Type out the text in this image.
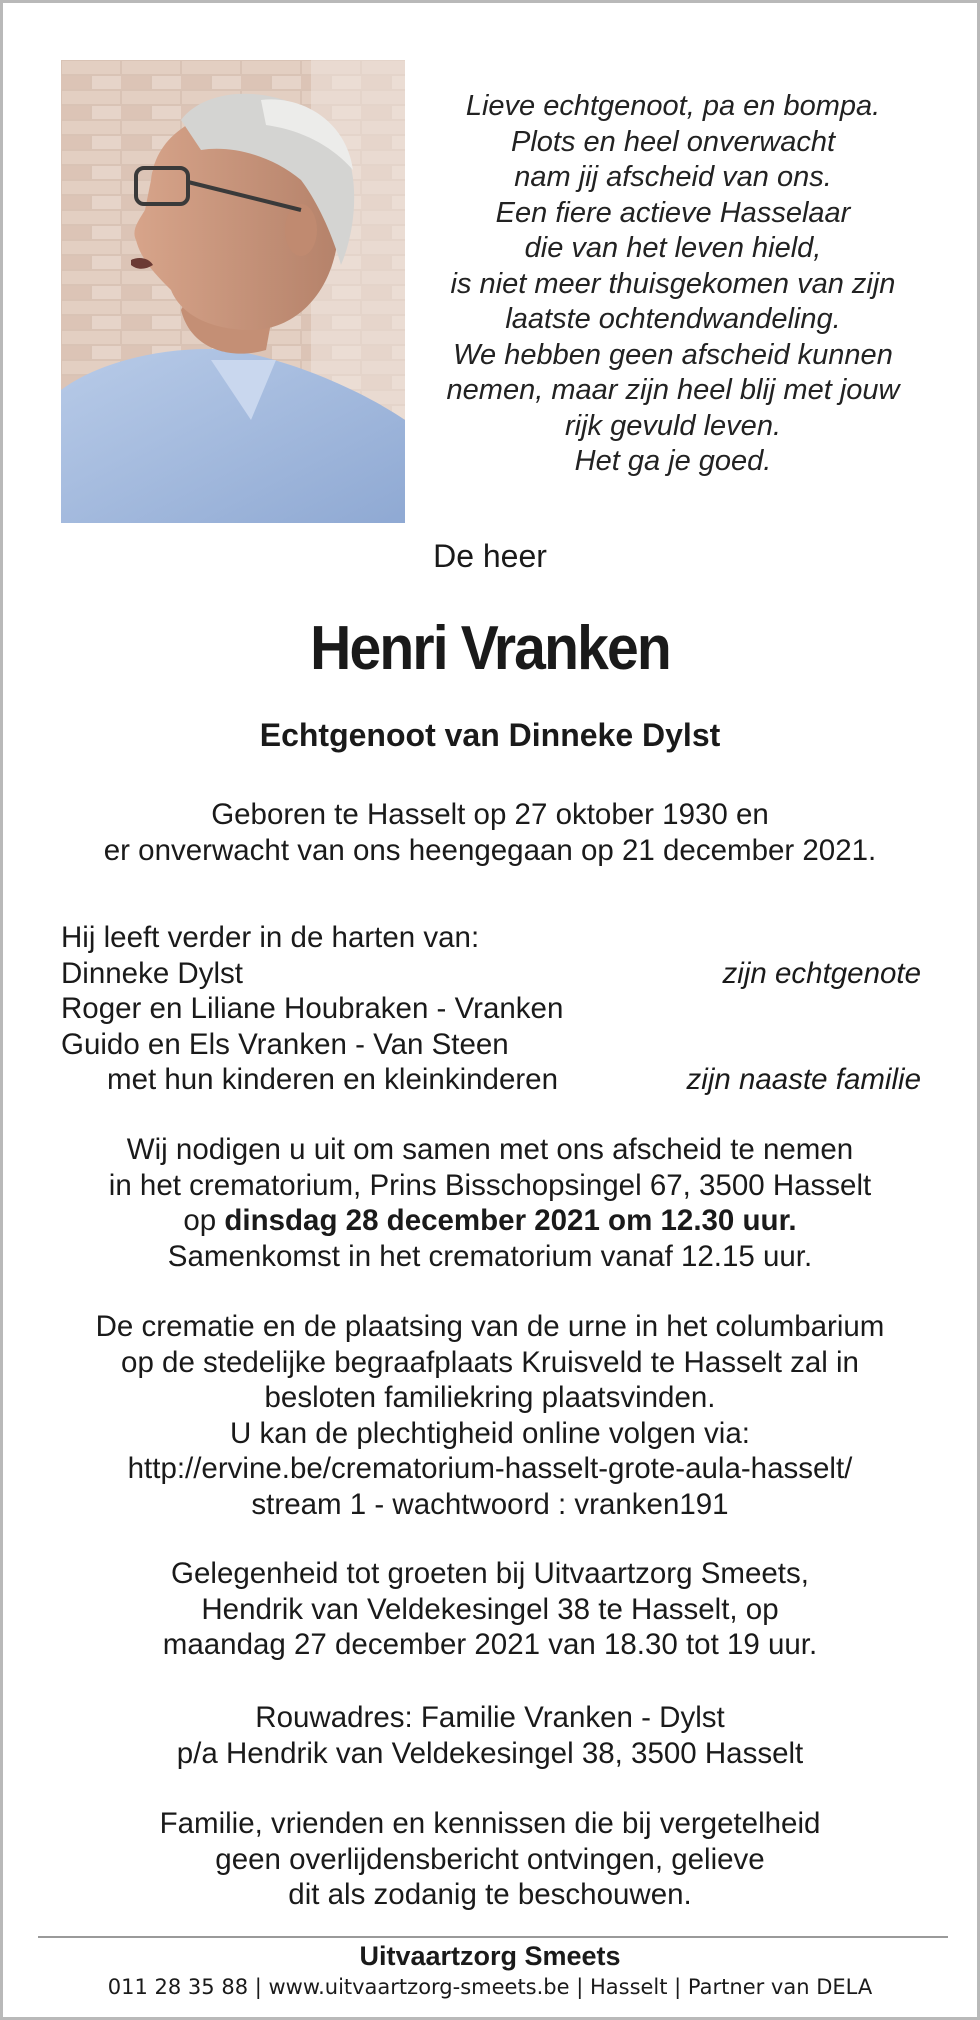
Lieve echtgenoot, pa en bompa.
Plots en heel onverwacht
nam jij afscheid van ons.
Een fiere actieve Hasselaar
die van het leven hield,
is niet meer thuisgekomen van zijn
laatste ochtendwandeling.
We hebben geen afscheid kunnen
nemen, maar zijn heel blij met jouw
rijk gevuld leven.
Het ga je goed.
De heer
Henri Vranken
Echtgenoot van Dinneke Dylst
Geboren te Hasselt op 27 oktober 1930 en
er onverwacht van ons heengegaan op 21 december 2021.
Hij leeft verder in de harten van:
Dinneke Dylst	zijn echtgenote
Roger en Liliane Houbraken - Vranken
Guido en Els Vranken - Van Steen
met hun kinderen en kleinkinderen	zijn naaste familie
Wij nodigen u uit om samen met ons afscheid te nemen
in het crematorium, Prins Bisschopsingel 67, 3500 Hasselt
op dinsdag 28 december 2021 om 12.30 uur.
Samenkomst in het crematorium vanaf 12.15 uur.
De crematie en de plaatsing van de urne in het columbarium
op de stedelijke begraafplaats Kruisveld te Hasselt zal in
besloten familiekring plaatsvinden.
U kan de plechtigheid online volgen via:
http://ervine.be/crematorium-hasselt-grote-aula-hasselt/
stream 1 - wachtwoord : vranken191
Gelegenheid tot groeten bij Uitvaartzorg Smeets,
Hendrik van Veldekesingel 38 te Hasselt, op
maandag 27 december 2021 van 18.30 tot 19 uur.
Rouwadres: Familie Vranken - Dylst
p/a Hendrik van Veldekesingel 38, 3500 Hasselt
Familie, vrienden en kennissen die bij vergetelheid
geen overlijdensbericht ontvingen, gelieve
dit als zodanig te beschouwen.
Uitvaartzorg Smeets
011 28 35 88 | www.uitvaartzorg-smeets.be | Hasselt | Partner van DELA
